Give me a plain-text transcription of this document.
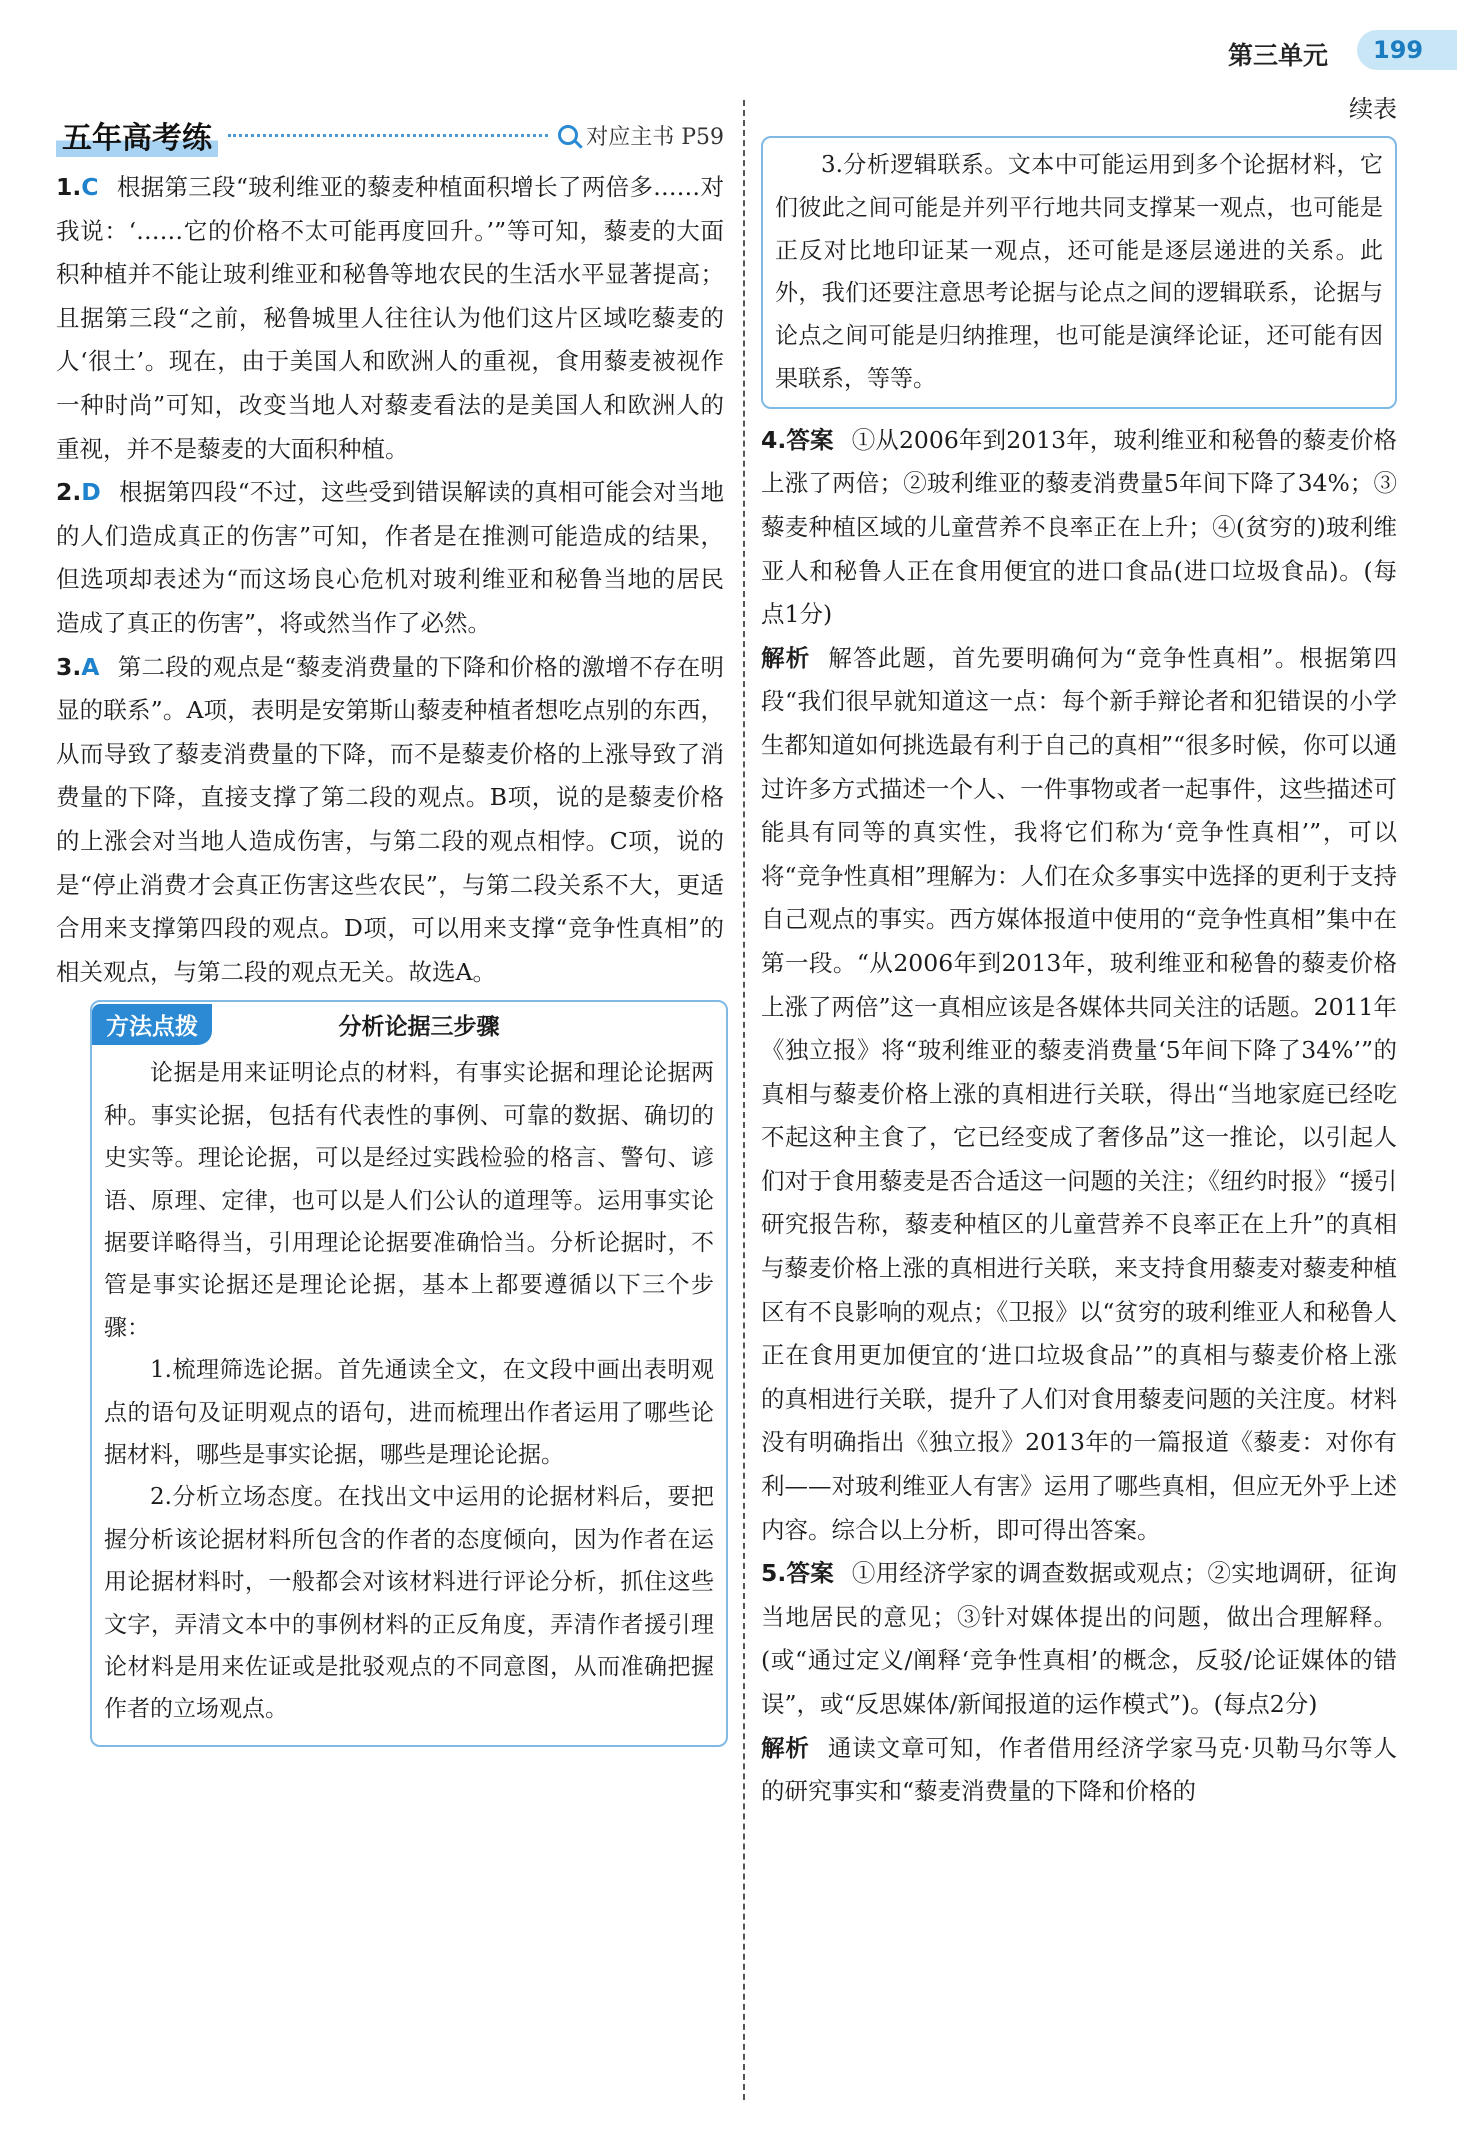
第三单元	199
五年高考练	对应主书 P59

1.C 根据第三段“玻利维亚的藜麦种植面积增长了两倍多……对我说：‘……它的价格不太可能再度回升。’”等可知，藜麦的大面积种植并不能让玻利维亚和秘鲁等地农民的生活水平显著提高；且据第三段“之前，秘鲁城里人往往认为他们这片区域吃藜麦的人‘很土’。现在，由于美国人和欧洲人的重视，食用藜麦被视作一种时尚”可知，改变当地人对藜麦看法的是美国人和欧洲人的重视，并不是藜麦的大面积种植。

2.D 根据第四段“不过，这些受到错误解读的真相可能会对当地的人们造成真正的伤害”可知，作者是在推测可能造成的结果，但选项却表述为“而这场良心危机对玻利维亚和秘鲁当地的居民造成了真正的伤害”，将或然当作了必然。

3.A 第二段的观点是“藜麦消费量的下降和价格的激增不存在明显的联系”。A项，表明是安第斯山藜麦种植者想吃点别的东西，从而导致了藜麦消费量的下降，而不是藜麦价格的上涨导致了消费量的下降，直接支撑了第二段的观点。B项，说的是藜麦价格的上涨会对当地人造成伤害，与第二段的观点相悖。C项，说的是“停止消费才会真正伤害这些农民”，与第二段关系不大，更适合用来支撑第四段的观点。D项，可以用来支撑“竞争性真相”的相关观点，与第二段的观点无关。故选A。

方法点拨	分析论据三步骤

论据是用来证明论点的材料，有事实论据和理论论据两种。事实论据，包括有代表性的事例、可靠的数据、确切的史实等。理论论据，可以是经过实践检验的格言、警句、谚语、原理、定律，也可以是人们公认的道理等。运用事实论据要详略得当，引用理论论据要准确恰当。分析论据时，不管是事实论据还是理论论据，基本上都要遵循以下三个步骤：

1.梳理筛选论据。首先通读全文，在文段中画出表明观点的语句及证明观点的语句，进而梳理出作者运用了哪些论据材料，哪些是事实论据，哪些是理论论据。

2.分析立场态度。在找出文中运用的论据材料后，要把握分析该论据材料所包含的作者的态度倾向，因为作者在运用论据材料时，一般都会对该材料进行评论分析，抓住这些文字，弄清文本中的事例材料的正反角度，弄清作者援引理论材料是用来佐证或是批驳观点的不同意图，从而准确把握作者的立场观点。

续表

3.分析逻辑联系。文本中可能运用到多个论据材料，它们彼此之间可能是并列平行地共同支撑某一观点，也可能是正反对比地印证某一观点，还可能是逐层递进的关系。此外，我们还要注意思考论据与论点之间的逻辑联系，论据与论点之间可能是归纳推理，也可能是演绎论证，还可能有因果联系，等等。

4.答案 ①从2006年到2013年，玻利维亚和秘鲁的藜麦价格上涨了两倍；②玻利维亚的藜麦消费量5年间下降了34%；③藜麦种植区域的儿童营养不良率正在上升；④(贫穷的)玻利维亚人和秘鲁人正在食用便宜的进口食品(进口垃圾食品)。(每点1分)

解析 解答此题，首先要明确何为“竞争性真相”。根据第四段“我们很早就知道这一点：每个新手辩论者和犯错误的小学生都知道如何挑选最有利于自己的真相”“很多时候，你可以通过许多方式描述一个人、一件事物或者一起事件，这些描述可能具有同等的真实性，我将它们称为‘竞争性真相’”，可以将“竞争性真相”理解为：人们在众多事实中选择的更利于支持自己观点的事实。西方媒体报道中使用的“竞争性真相”集中在第一段。“从2006年到2013年，玻利维亚和秘鲁的藜麦价格上涨了两倍”这一真相应该是各媒体共同关注的话题。2011年《独立报》将“玻利维亚的藜麦消费量‘5年间下降了34%’”的真相与藜麦价格上涨的真相进行关联，得出“当地家庭已经吃不起这种主食了，它已经变成了奢侈品”这一推论，以引起人们对于食用藜麦是否合适这一问题的关注；《纽约时报》“援引研究报告称，藜麦种植区的儿童营养不良率正在上升”的真相与藜麦价格上涨的真相进行关联，来支持食用藜麦对藜麦种植区有不良影响的观点；《卫报》以“贫穷的玻利维亚人和秘鲁人正在食用更加便宜的‘进口垃圾食品’”的真相与藜麦价格上涨的真相进行关联，提升了人们对食用藜麦问题的关注度。材料没有明确指出《独立报》2013年的一篇报道《藜麦：对你有利——对玻利维亚人有害》运用了哪些真相，但应无外乎上述内容。综合以上分析，即可得出答案。

5.答案 ①用经济学家的调查数据或观点；②实地调研，征询当地居民的意见；③针对媒体提出的问题，做出合理解释。(或“通过定义/阐释‘竞争性真相’的概念，反驳/论证媒体的错误”，或“反思媒体/新闻报道的运作模式”)。(每点2分)

解析 通读文章可知，作者借用经济学家马克·贝勒马尔等人的研究事实和“藜麦消费量的下降和价格的
